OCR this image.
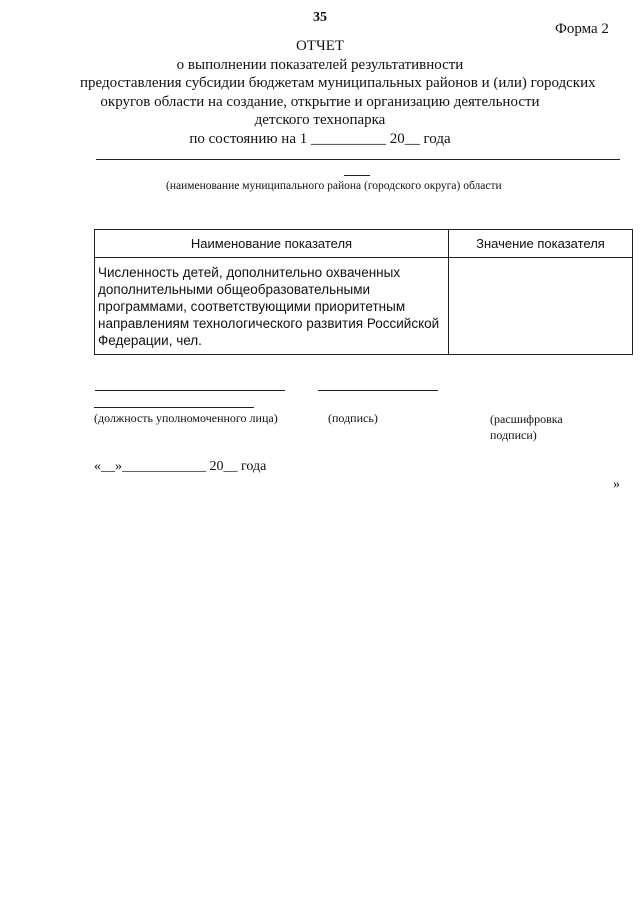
35
Форма 2
ОТЧЕТ
о выполнении показателей результативности
предоставления субсидии бюджетам муниципальных районов и (или) городских
округов области на создание, открытие и организацию деятельности
детского технопарка
по состоянию на 1 __________ 20__ года
(наименование муниципального района (городского округа) области
Наименование показателя	Значение показателя
Численность детей, дополнительно охваченных дополнительными общеобразовательными программами, соответствующими приоритетным направлениям технологического развития Российской Федерации, чел.	
(должность уполномоченного лица)	(подпись)	(расшифровка подписи)
«__»____________ 20__ года
»
